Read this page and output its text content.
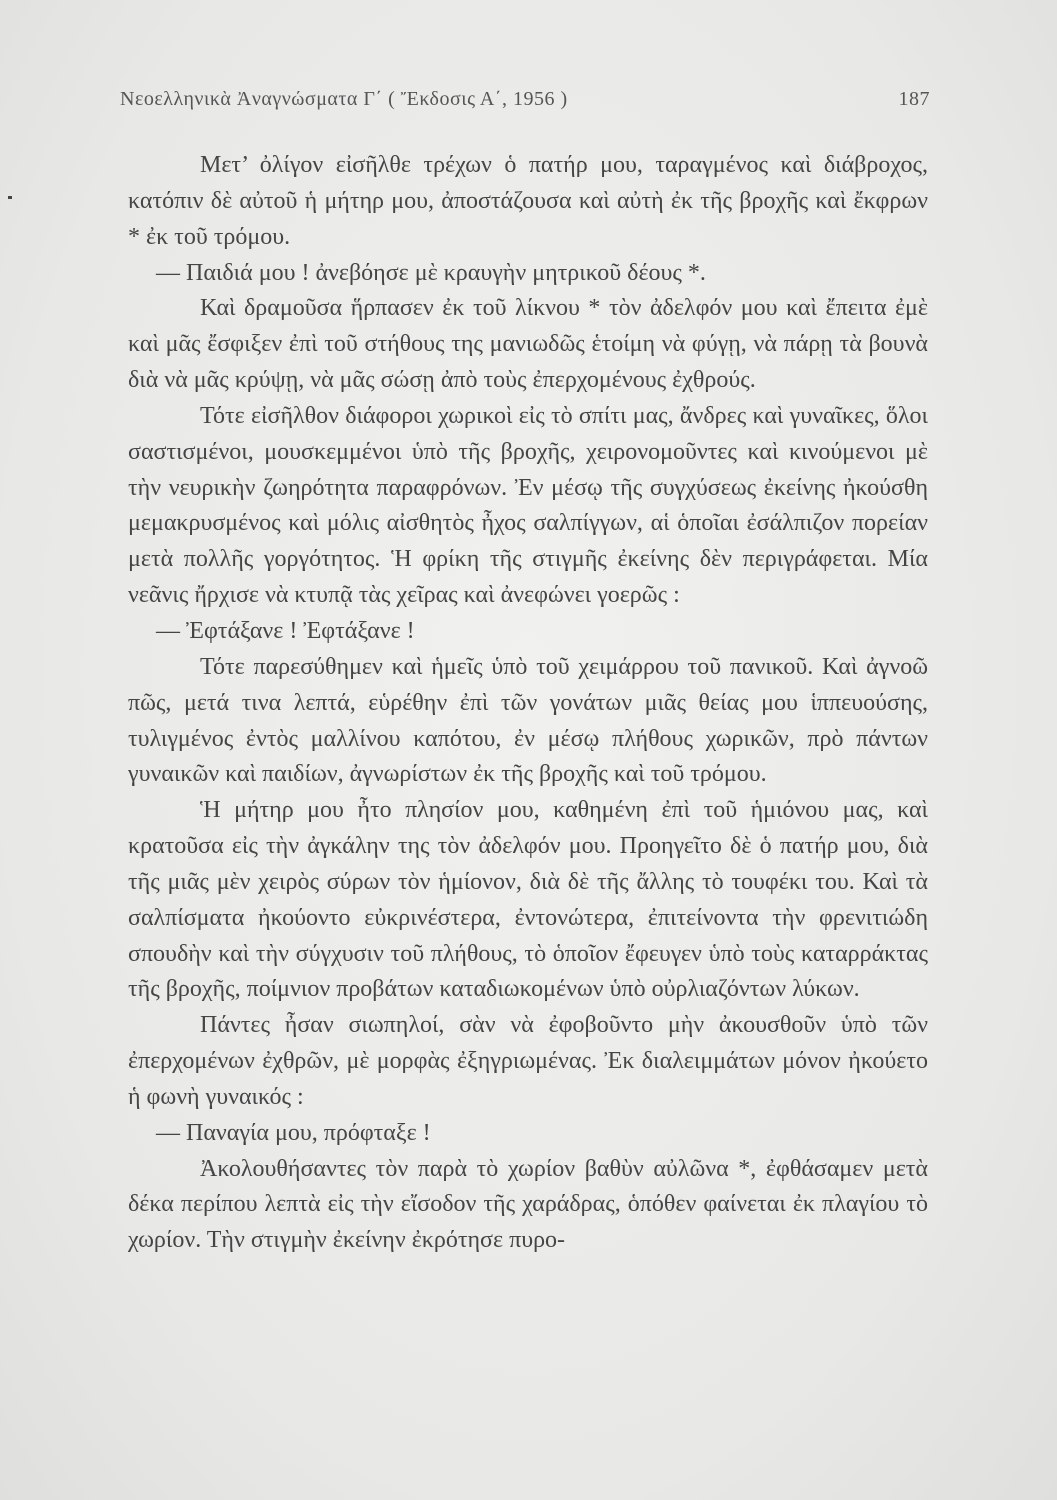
Νεοελληνικὰ Ἀναγνώσματα Γ΄ ( Ἔκδοσις Α΄, 1956 )	187

Μετ’ ὀλίγον εἰσῆλθε τρέχων ὁ πατήρ μου, ταραγμένος καὶ διάβροχος, κατόπιν δὲ αὐτοῦ ἡ μήτηρ μου, ἀποστάζουσα καὶ αὐτὴ ἐκ τῆς βροχῆς καὶ ἔκφρων * ἐκ τοῦ τρόμου.

— Παιδιά μου ! ἀνεβόησε μὲ κραυγὴν μητρικοῦ δέους *.

Καὶ δραμοῦσα ἥρπασεν ἐκ τοῦ λίκνου * τὸν ἀδελφόν μου καὶ ἔπειτα ἐμὲ καὶ μᾶς ἔσφιξεν ἐπὶ τοῦ στήθους της μανιωδῶς ἑτοίμη νὰ φύγῃ, νὰ πάρῃ τὰ βουνὰ διὰ νὰ μᾶς κρύψῃ, νὰ μᾶς σώσῃ ἀπὸ τοὺς ἐπερχομένους ἐχθρούς.

Τότε εἰσῆλθον διάφοροι χωρικοὶ εἰς τὸ σπίτι μας, ἄνδρες καὶ γυναῖκες, ὅλοι σαστισμένοι, μουσκεμμένοι ὑπὸ τῆς βροχῆς, χειρονομοῦντες καὶ κινούμενοι μὲ τὴν νευρικὴν ζωηρότητα παραφρόνων. Ἐν μέσῳ τῆς συγχύσεως ἐκείνης ἠκούσθη μεμακρυσμένος καὶ μόλις αἰσθητὸς ἦχος σαλπίγγων, αἱ ὁποῖαι ἐσάλπιζον πορείαν μετὰ πολλῆς γοργότητος. Ἡ φρίκη τῆς στιγμῆς ἐκείνης δὲν περιγράφεται. Μία νεᾶνις ἤρχισε νὰ κτυπᾷ τὰς χεῖρας καὶ ἀνεφώνει γοερῶς :

— Ἐφτάξανε ! Ἐφτάξανε !

Τότε παρεσύθημεν καὶ ἡμεῖς ὑπὸ τοῦ χειμάρρου τοῦ πανικοῦ. Καὶ ἀγνοῶ πῶς, μετά τινα λεπτά, εὑρέθην ἐπὶ τῶν γονάτων μιᾶς θείας μου ἱππευούσης, τυλιγμένος ἐντὸς μαλλίνου καπότου, ἐν μέσῳ πλήθους χωρικῶν, πρὸ πάντων γυναικῶν καὶ παιδίων, ἀγνωρίστων ἐκ τῆς βροχῆς καὶ τοῦ τρόμου.

Ἡ μήτηρ μου ἦτο πλησίον μου, καθημένη ἐπὶ τοῦ ἡμιόνου μας, καὶ κρατοῦσα εἰς τὴν ἀγκάλην της τὸν ἀδελφόν μου. Προηγεῖτο δὲ ὁ πατήρ μου, διὰ τῆς μιᾶς μὲν χειρὸς σύρων τὸν ἡμίονον, διὰ δὲ τῆς ἄλλης τὸ τουφέκι του. Καὶ τὰ σαλπίσματα ἠκούοντο εὐκρινέστερα, ἐντονώτερα, ἐπιτείνοντα τὴν φρενιτιώδη σπουδὴν καὶ τὴν σύγχυσιν τοῦ πλήθους, τὸ ὁποῖον ἔφευγεν ὑπὸ τοὺς καταρράκτας τῆς βροχῆς, ποίμνιον προβάτων καταδιωκομένων ὑπὸ οὐρλιαζόντων λύκων.

Πάντες ἦσαν σιωπηλοί, σὰν νὰ ἐφοβοῦντο μὴν ἀκουσθοῦν ὑπὸ τῶν ἐπερχομένων ἐχθρῶν, μὲ μορφὰς ἐξηγριωμένας. Ἐκ διαλειμμάτων μόνον ἠκούετο ἡ φωνὴ γυναικός :

— Παναγία μου, πρόφταξε !

Ἀκολουθήσαντες τὸν παρὰ τὸ χωρίον βαθὺν αὐλῶνα *, ἐφθάσαμεν μετὰ δέκα περίπου λεπτὰ εἰς τὴν εἴσοδον τῆς χαράδρας, ὁπόθεν φαίνεται ἐκ πλαγίου τὸ χωρίον. Τὴν στιγμὴν ἐκείνην ἐκρότησε πυρο-
